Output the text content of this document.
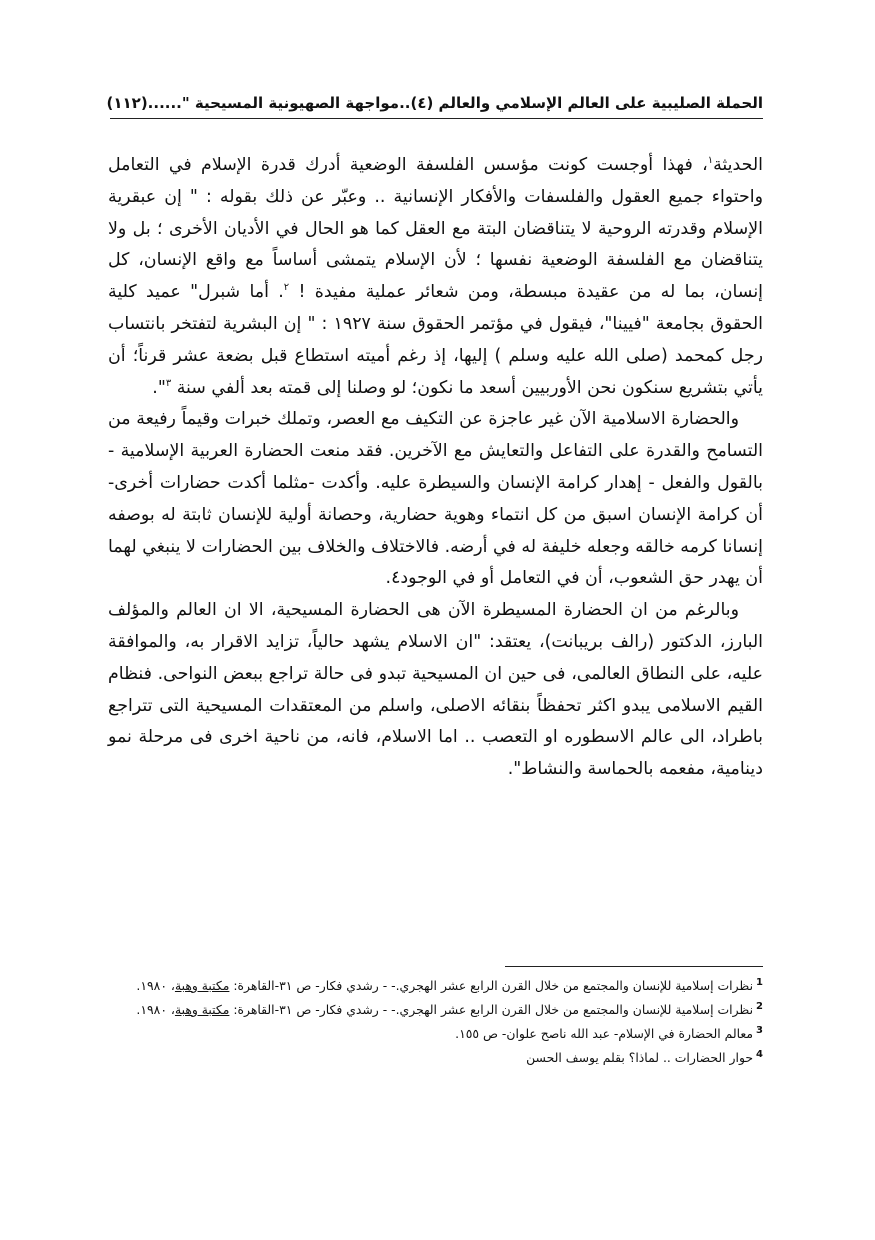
الحملة الصليبية على العالم الإسلامي والعالم (٤)..مواجهة الصهيونية المسيحية "......
(١١٢)

الحديثة$^١$، فهذا أوجست كونت مؤسس الفلسفة الوضعية أدرك قدرة الإسلام في التعامل واحتواء جميع العقول والفلسفات والأفكار الإنسانية .. وعبّر عن ذلك بقوله : " إن عبقرية الإسلام وقدرته الروحية لا يتناقضان البتة مع العقل كما هو الحال في الأديان الأخرى ؛ بل ولا يتناقضان مع الفلسفة الوضعية نفسها ؛ لأن الإسلام يتمشى أساساً مع واقع الإنسان، كل إنسان، بما له من عقيدة مبسطة، ومن شعائر عملية مفيدة ! $^٢$. أما شبرل" عميد كلية الحقوق بجامعة "فيينا"، فيقول في مؤتمر الحقوق سنة ١٩٢٧ : " إن البشرية لتفتخر بانتساب رجل كمحمد (صلى الله عليه وسلم ) إليها، إذ رغم أميته استطاع قبل بضعة عشر قرناً؛ أن يأتي بتشريع سنكون نحن الأوربيين أسعد ما نكون؛ لو وصلنا إلى قمته بعد ألفي سنة $^٣$".

والحضارة الاسلامية الآن غير عاجزة عن التكيف مع العصر، وتملك خبرات وقيماً رفيعة من التسامح والقدرة على التفاعل والتعايش مع الآخرين. فقد منعت الحضارة العربية الإسلامية - بالقول والفعل - إهدار كرامة الإنسان والسيطرة عليه. وأكدت -مثلما أكدت حضارات أخرى- أن كرامة الإنسان اسبق من كل انتماء وهوية حضارية، وحصانة أولية للإنسان ثابتة له بوصفه إنسانا كرمه خالقه وجعله خليفة له في أرضه. فالاختلاف والخلاف بين الحضارات لا ينبغي لهما أن يهدر حق الشعوب، أن في التعامل أو في الوجود٤.

وبالرغم من ان الحضارة المسيطرة الآن هى الحضارة المسيحية، الا ان العالم والمؤلف البارز، الدكتور (رالف بريبانت)، يعتقد: "ان الاسلام يشهد حالياً، تزايد الاقرار به، والموافقة عليه، على النطاق العالمى، فى حين ان المسيحية تبدو فى حالة تراجع ببعض النواحى. فنظام القيم الاسلامى يبدو اكثر تحفظاً بنقائه الاصلى، واسلم من المعتقدات المسيحية التى تتراجع باطراد، الى عالم الاسطوره او التعصب .. اما الاسلام، فانه، من ناحية اخرى فى مرحلة نمو دينامية، مفعمه بالحماسة والنشاط".

$^1$نظرات إسلامية للإنسان والمجتمع من خلال القرن الرابع عشر الهجري.- - رشدي فكار- ص ٣١-القاهرة: مكتبة وهبة، ١٩٨٠.

$^2$نظرات إسلامية للإنسان والمجتمع من خلال القرن الرابع عشر الهجري.- - رشدي فكار- ص ٣١-القاهرة: مكتبة وهبة، ١٩٨٠.

$^3$معالم الحضارة في الإسلام- عبد الله ناصح علوان- ص ١٥٥.

$^4$حوار الحضارات .. لماذا؟ بقلم يوسف الحسن
